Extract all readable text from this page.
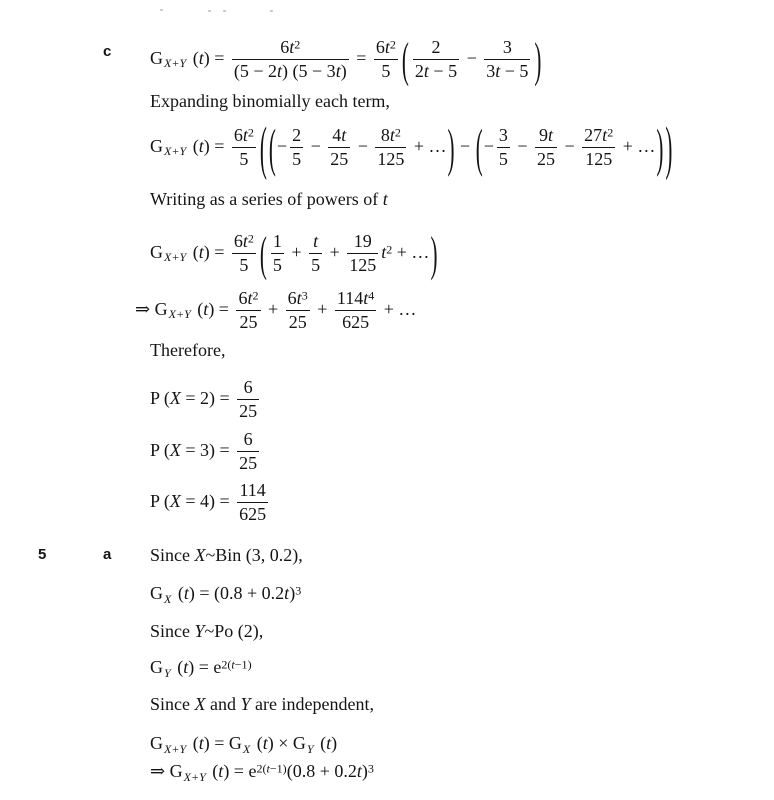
c $G_{X+Y}$ $(t) = \frac{6t^2}{(5 - 2t) (5 - 3t)} = \frac{6t^2}{5}$ ( $\frac{2}{2t - 5} - \frac{3}{3t - 5}$ )
Expanding binomially each term,
$G_{X+Y}$ $(t) = \frac{6t^2}{5}$ ((− $\frac{2}{5} - \frac{4t}{25} - \frac{8t^2}{125}$ + …) − (− $\frac{3}{5} - \frac{9t}{25} - \frac{27t^2}{125}$ + …))
Writing as a series of powers of t
$G_{X+Y}$ $(t) = \frac{6t^2}{5}$ ( $\frac{1}{5} + \frac{t}{5} + \frac{19}{125} t^2$ + …)
⇒ $G_{X+Y}$ $(t) = \frac{6t^2}{25} + \frac{6t^3}{25} + \frac{114t^4}{625}$ + …
Therefore,
P $(X = 2) = \frac{6}{25}$
P $(X = 3) = \frac{6}{25}$
P $(X = 4) = \frac{114}{625}$
5	a Since X~Bin (3, 0.2),
$G_X$ $(t) = (0.8 + 0.2t)^3$
Since Y~Po (2),
$G_Y$ $(t) = e^{2(t-1)}$
Since X and Y are independent,
$G_{X+Y}$ $(t) = G_X$ $(t) \times G_Y$ (t)
⇒ $G_{X+Y}$ $(t) = e^{2(t-1)}(0.8 + 0.2t)^3$
